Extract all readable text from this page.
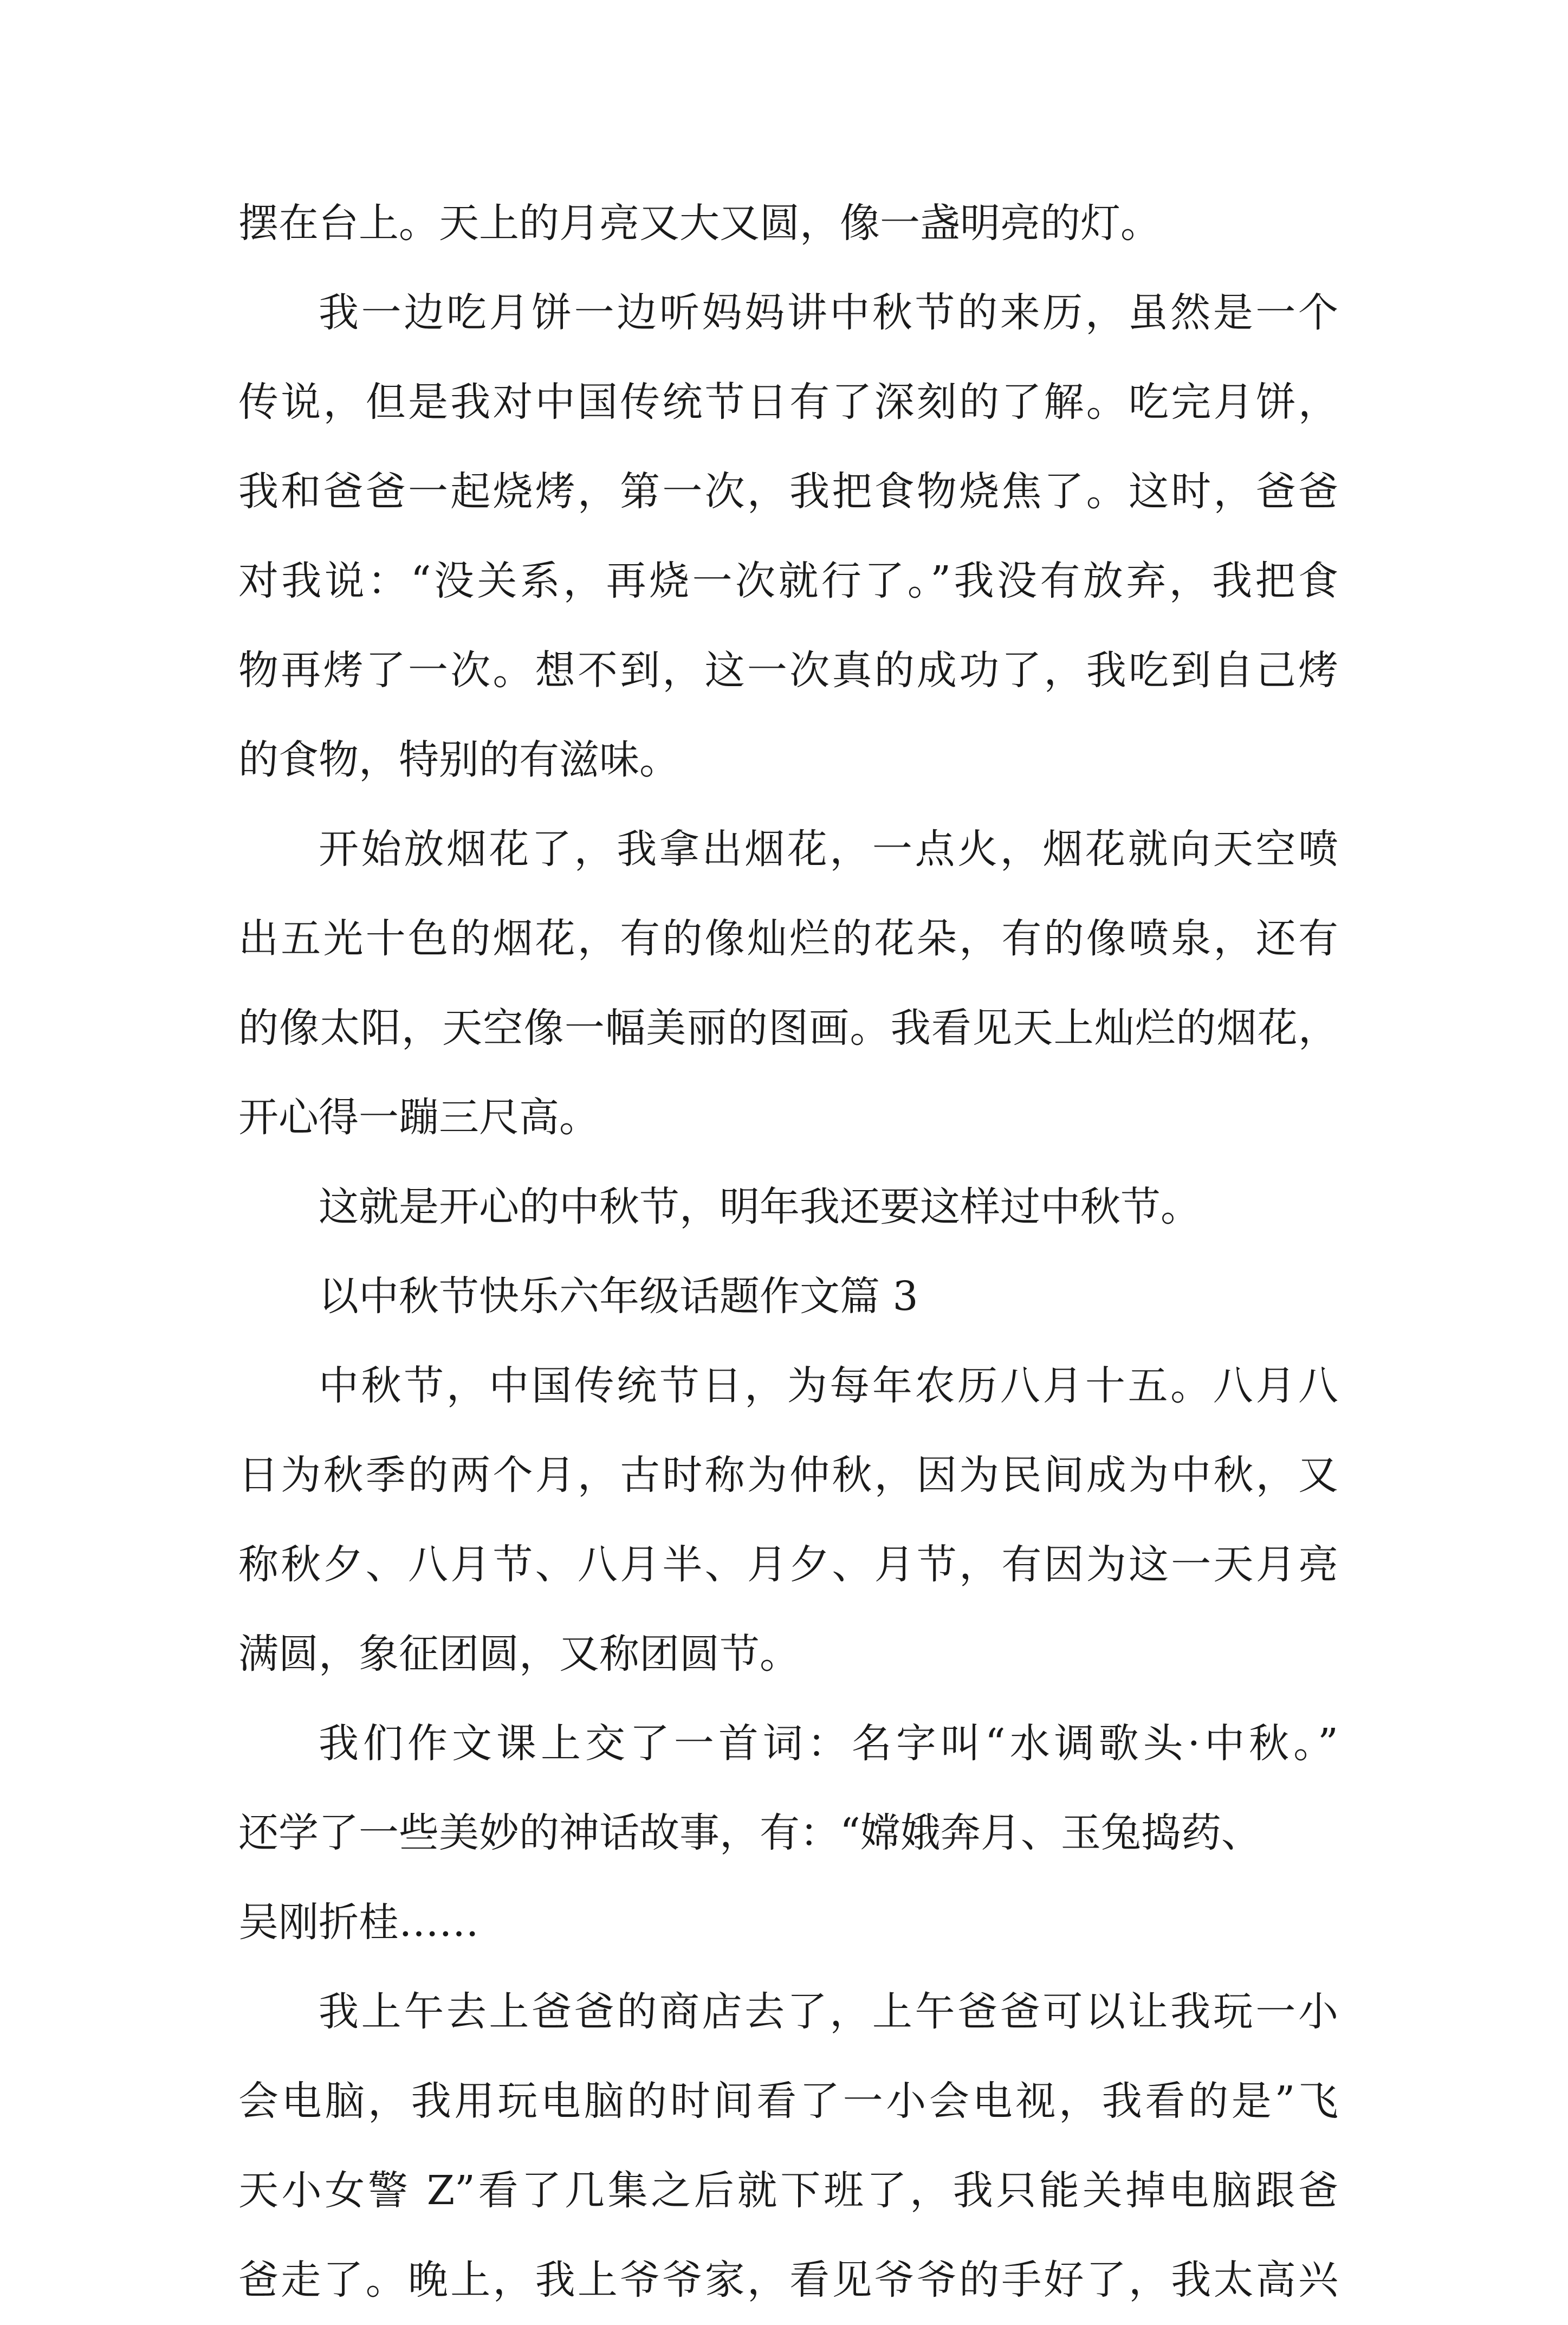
摆在台上。天上的月亮又大又圆，像一盏明亮的灯。
我一边吃月饼一边听妈妈讲中秋节的来历，虽然是一个
传说，但是我对中国传统节日有了深刻的了解。吃完月饼，
我和爸爸一起烧烤，第一次，我把食物烧焦了。这时，爸爸
对我说：“没关系，再烧一次就行了。”我没有放弃，我把食
物再烤了一次。想不到，这一次真的成功了，我吃到自己烤
的食物，特别的有滋味。
开始放烟花了，我拿出烟花，一点火，烟花就向天空喷
出五光十色的烟花，有的像灿烂的花朵，有的像喷泉，还有
的像太阳，天空像一幅美丽的图画。我看见天上灿烂的烟花，
开心得一蹦三尺高。
这就是开心的中秋节，明年我还要这样过中秋节。
以中秋节快乐六年级话题作文篇 3
中秋节，中国传统节日，为每年农历八月十五。八月八
日为秋季的两个月，古时称为仲秋，因为民间成为中秋，又
称秋夕、八月节、八月半、月夕、月节，有因为这一天月亮
满圆，象征团圆，又称团圆节。
我们作文课上交了一首词：名字叫“水调歌头·中秋。”
还学了一些美妙的神话故事，有：“嫦娥奔月、玉兔捣药、
吴刚折桂……
我上午去上爸爸的商店去了，上午爸爸可以让我玩一小
会电脑，我用玩电脑的时间看了一小会电视，我看的是”飞
天小女警 Z”看了几集之后就下班了，我只能关掉电脑跟爸
爸走了。晚上，我上爷爷家，看见爷爷的手好了，我太高兴
